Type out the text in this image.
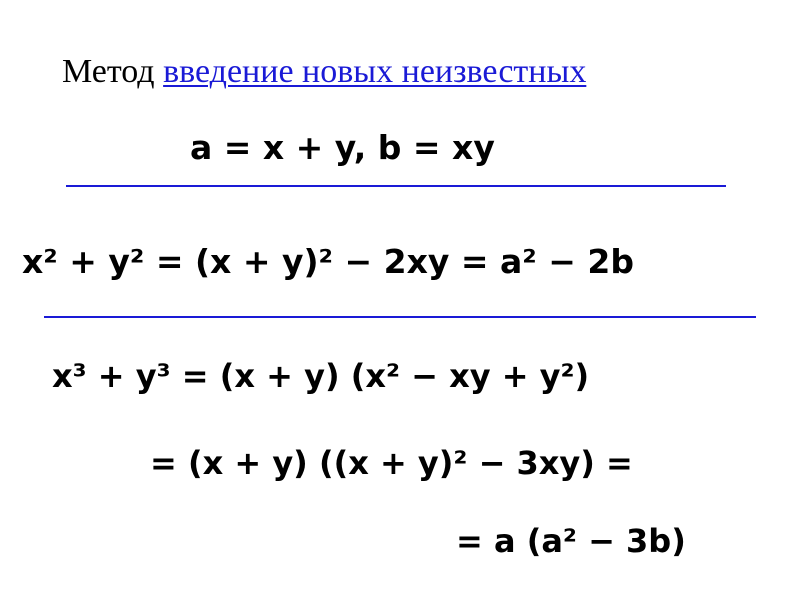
Метод введение новых неизвестных
a = x + y, b = xy
x² + y² = (x + y)² − 2xy = a² − 2b
x³ + y³ = (x + y) (x² − xy + y²)
= (x + y) ((x + y)² − 3xy) =
= a (a² − 3b)
